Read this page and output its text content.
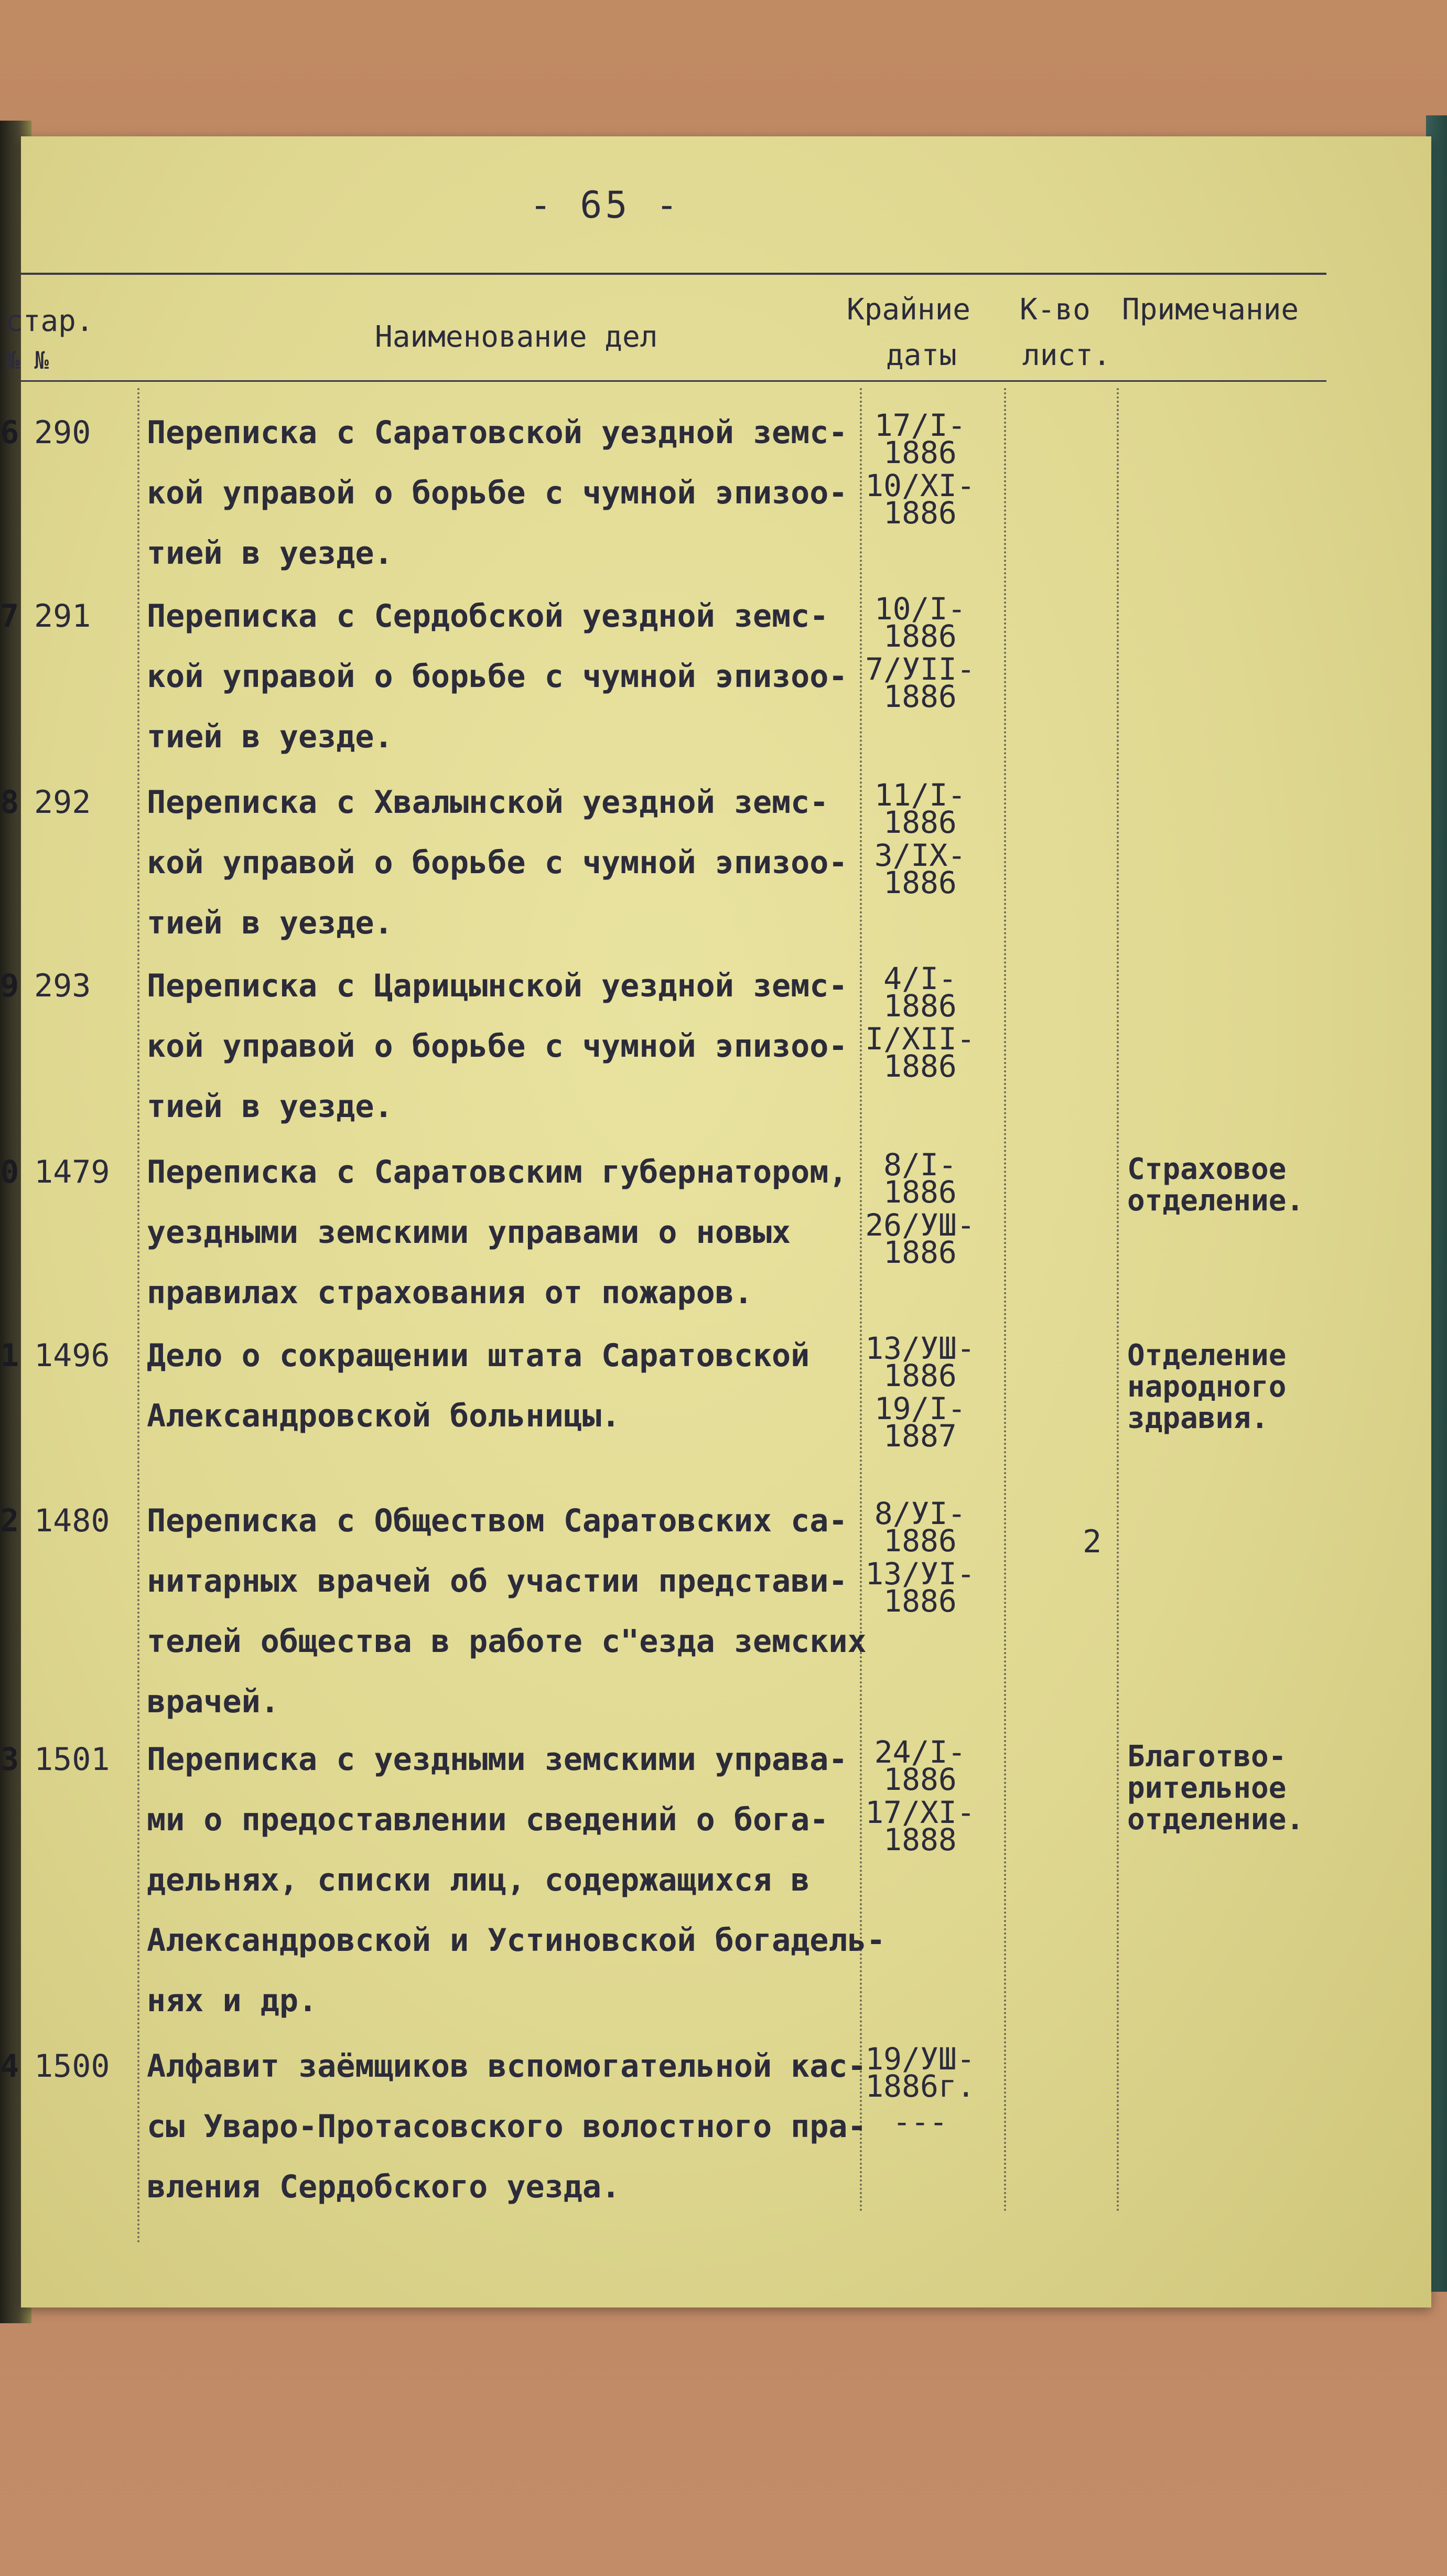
- 65 -
стар.
№ №
Наименование дел
Крайние
даты
К-во
лист.
Примечание
6 290 Переписка с Саратовской уездной земс-
кой управой о борьбе с чумной эпизоо-
тией в уезде.
17/I-
1886
10/XI-
1886
7 291 Переписка с Сердобской уездной земс-
кой управой о борьбе с чумной эпизоо-
тией в уезде.
10/I-
1886
7/УII-
1886
8 292 Переписка с Хвалынской уездной земс-
кой управой о борьбе с чумной эпизоо-
тией в уезде.
11/I-
1886
3/IX-
1886
9 293 Переписка с Царицынской уездной земс-
кой управой о борьбе с чумной эпизоо-
тией в уезде.
4/I-
1886
I/XII-
1886
0 1479 Переписка с Саратовским губернатором,
уездными земскими управами о новых
правилах страхования от пожаров.
8/I-
1886
26/УШ-
1886
Страховое
отделение.
1 1496 Дело о сокращении штата Саратовской
Александровской больницы.
13/УШ-
1886
19/I-
1887
Отделение
народного
здравия.
2 1480 Переписка с Обществом Саратовских са-
нитарных врачей об участии представи-
телей общества в работе с"езда земских
врачей.
8/УI-
1886
13/УI-
1886
2
3 1501 Переписка с уездными земскими управа-
ми о предоставлении сведений о бога-
дельнях, списки лиц, содержащихся в
Александровской и Устиновской богадель-
нях и др.
24/I-
1886
17/XI-
1888
Благотво-
рительное
отделение.
4 1500 Алфавит заёмщиков вспомогательной кас-
сы Уваро-Протасовского волостного пра-
вления Сердобского уезда.
19/УШ-
1886г.
---
